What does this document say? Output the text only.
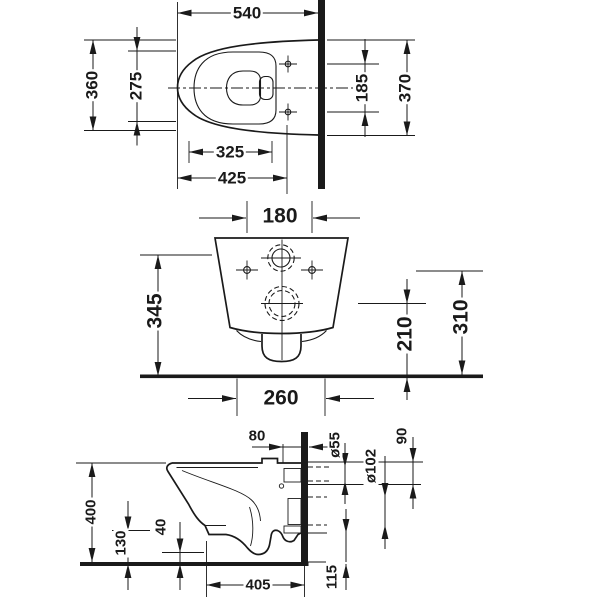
540
360 275
325
425
185 370
180
345
210 310
260
80	ø55
ø102
90
400
130
40
405	115
